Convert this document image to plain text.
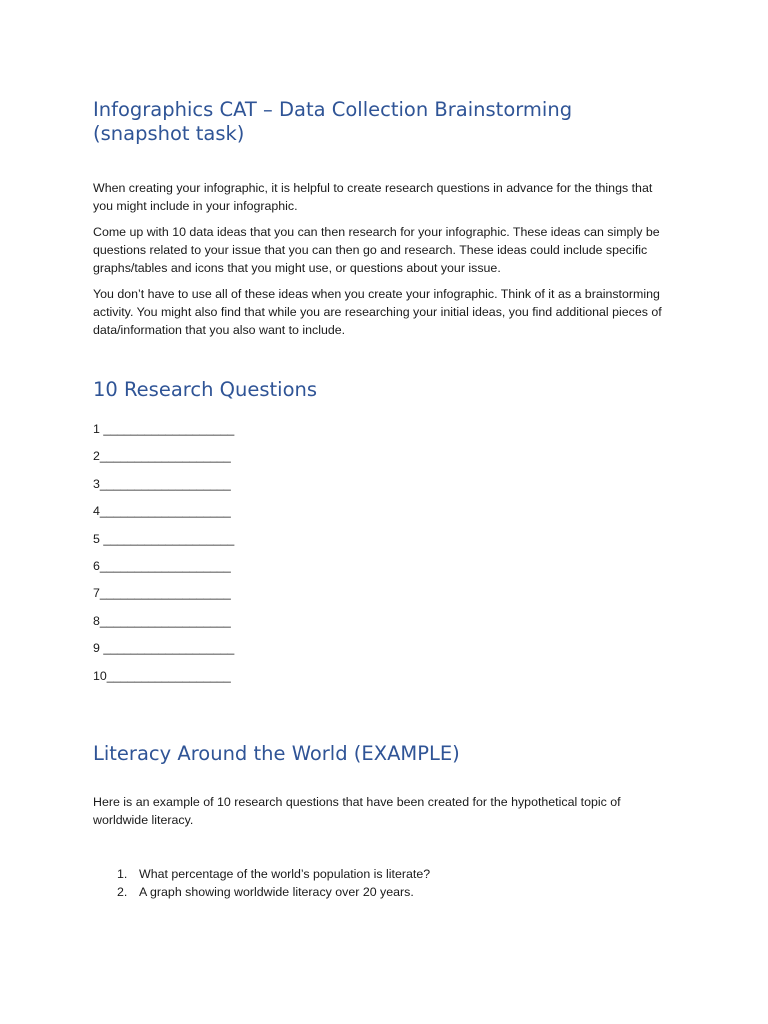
Infographics CAT – Data Collection Brainstorming (snapshot task)

When creating your infographic, it is helpful to create research questions in advance for the things that you might include in your infographic.

Come up with 10 data ideas that you can then research for your infographic. These ideas can simply be questions related to your issue that you can then go and research. These ideas could include specific graphs/tables and icons that you might use, or questions about your issue.

You don’t have to use all of these ideas when you create your infographic. Think of it as a brainstorming activity. You might also find that while you are researching your initial ideas, you find additional pieces of data/information that you also want to include.

10 Research Questions
1 ___________________
2___________________
3___________________
4___________________
5 ___________________
6___________________
7___________________
8___________________
9 ___________________
10__________________
Literacy Around the World (EXAMPLE)

Here is an example of 10 research questions that have been created for the hypothetical topic of worldwide literacy.

1. What percentage of the world’s population is literate?
2. A graph showing worldwide literacy over 20 years.
